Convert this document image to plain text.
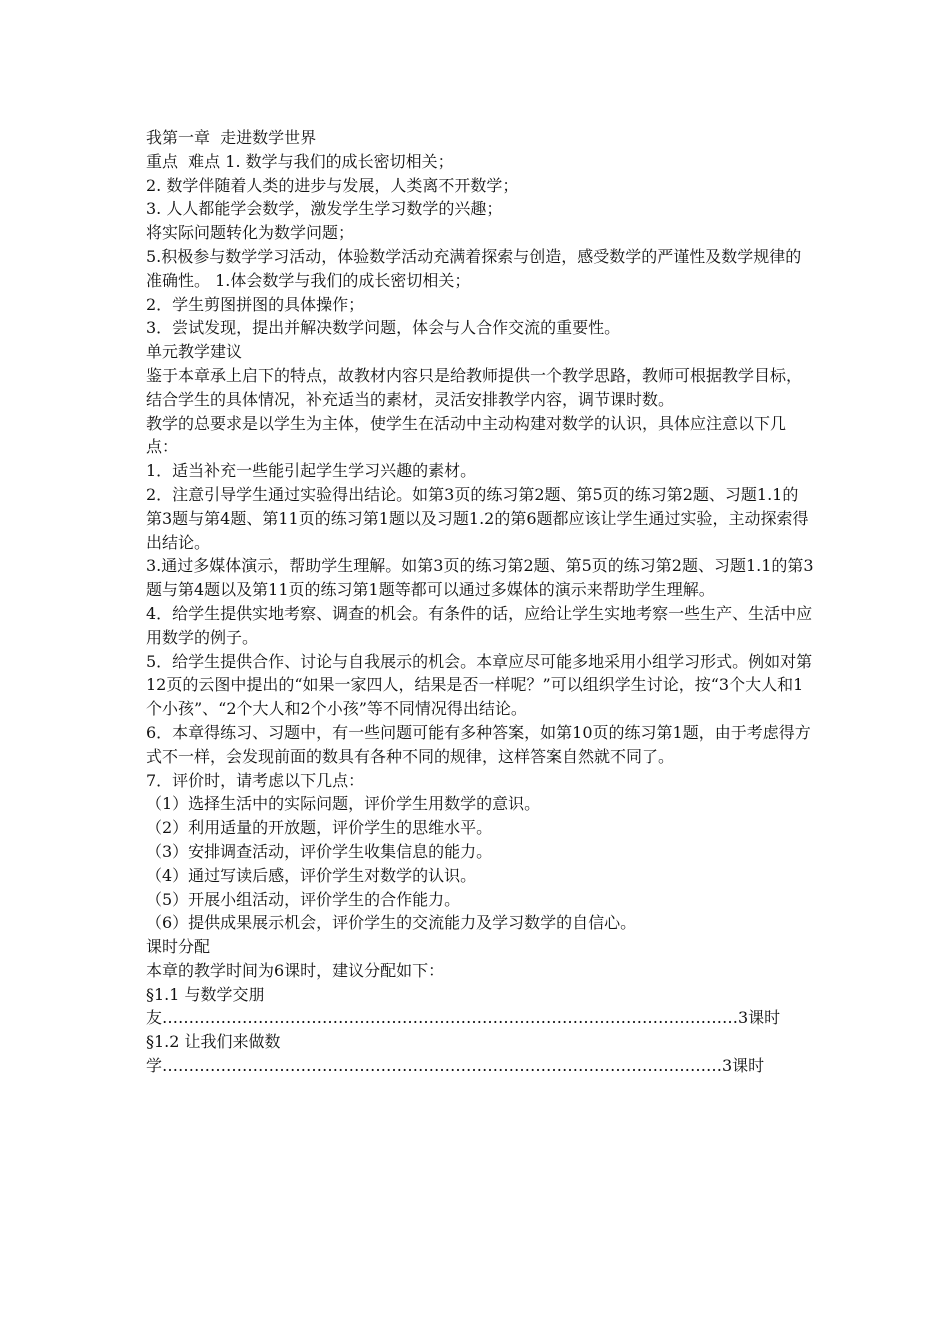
我第一章  走进数学世界

重点  难点 1. 数学与我们的成长密切相关；

2. 数学伴随着人类的进步与发展，人类离不开数学；

3. 人人都能学会数学，激发学生学习数学的兴趣；

将实际问题转化为数学问题；

5.积极参与数学学习活动，体验数学活动充满着探索与创造，感受数学的严谨性及数学规律的准确性。 1.体会数学与我们的成长密切相关；

2．学生剪图拼图的具体操作；

3．尝试发现，提出并解决数学问题，体会与人合作交流的重要性。

单元教学建议

鉴于本章承上启下的特点，故教材内容只是给教师提供一个教学思路，教师可根据教学目标，结合学生的具体情况，补充适当的素材，灵活安排教学内容，调节课时数。

教学的总要求是以学生为主体，使学生在活动中主动构建对数学的认识，具体应注意以下几点：

1．适当补充一些能引起学生学习兴趣的素材。

2．注意引导学生通过实验得出结论。如第3页的练习第2题、第5页的练习第2题、习题1.1的第3题与第4题、第11页的练习第1题以及习题1.2的第6题都应该让学生通过实验，主动探索得出结论。

3.通过多媒体演示，帮助学生理解。如第3页的练习第2题、第5页的练习第2题、习题1.1的第3题与第4题以及第11页的练习第1题等都可以通过多媒体的演示来帮助学生理解。

4．给学生提供实地考察、调查的机会。有条件的话，应给让学生实地考察一些生产、生活中应用数学的例子。

5．给学生提供合作、讨论与自我展示的机会。本章应尽可能多地采用小组学习形式。例如对第12页的云图中提出的“如果一家四人，结果是否一样呢？”可以组织学生讨论，按“3个大人和1个小孩”、“2个大人和2个小孩”等不同情况得出结论。

6．本章得练习、习题中，有一些问题可能有多种答案，如第10页的练习第1题，由于考虑得方式不一样，会发现前面的数具有各种不同的规律，这样答案自然就不同了。

7．评价时，请考虑以下几点：

（1）选择生活中的实际问题，评价学生用数学的意识。

（2）利用适量的开放题，评价学生的思维水平。

（3）安排调查活动，评价学生收集信息的能力。

（4）通过写读后感，评价学生对数学的认识。

（5）开展小组活动，评价学生的合作能力。

（6）提供成果展示机会，评价学生的交流能力及学习数学的自信心。

课时分配

本章的教学时间为6课时，建议分配如下：

§1.1 与数学交朋友………………………………………………………………………………………………3课时

§1.2 让我们来做数学……………………………………………………………………………………………3课时
